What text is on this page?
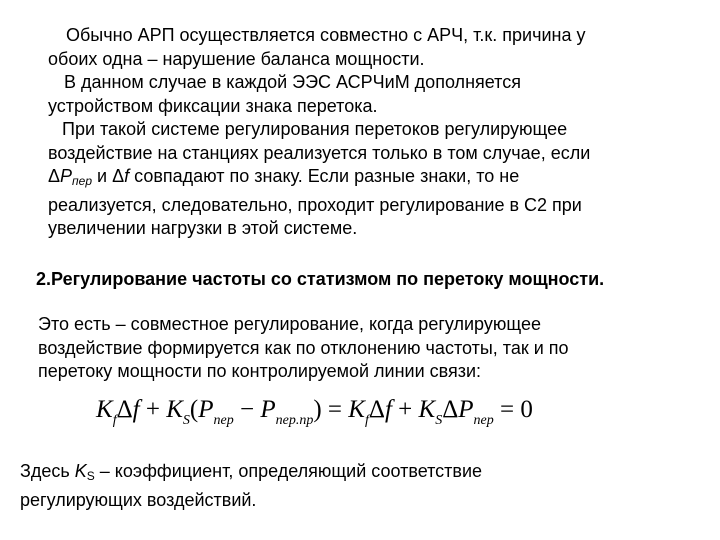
Обычно АРП осуществляется совместно с АРЧ, т.к. причина у
обоих одна – нарушение баланса мощности.
В данном случае в каждой ЭЭС АСРЧиМ дополняется
устройством фиксации знака перетока.
При такой системе регулирования перетоков регулирующее
воздействие на станциях реализуется только в том случае, если
$\Delta P_{пер}$ и Δf совпадают по знаку. Если разные знаки, то не
реализуется, следовательно, проходит регулирование в С2 при
увеличении нагрузки в этой системе.

2.Регулирование частоты со статизмом по перетоку мощности.

Это есть – совместное регулирование, когда регулирующее
воздействие формируется как по отклонению частоты, так и по
перетоку мощности по контролируемой линии связи:
$K_f\Delta f + K_S(P_{пер} - P_{пер.пр}) = K_f\Delta f + K_S\Delta P_{пер} = 0$
Здесь KS – коэффициент, определяющий соответствие
регулирующих воздействий.
